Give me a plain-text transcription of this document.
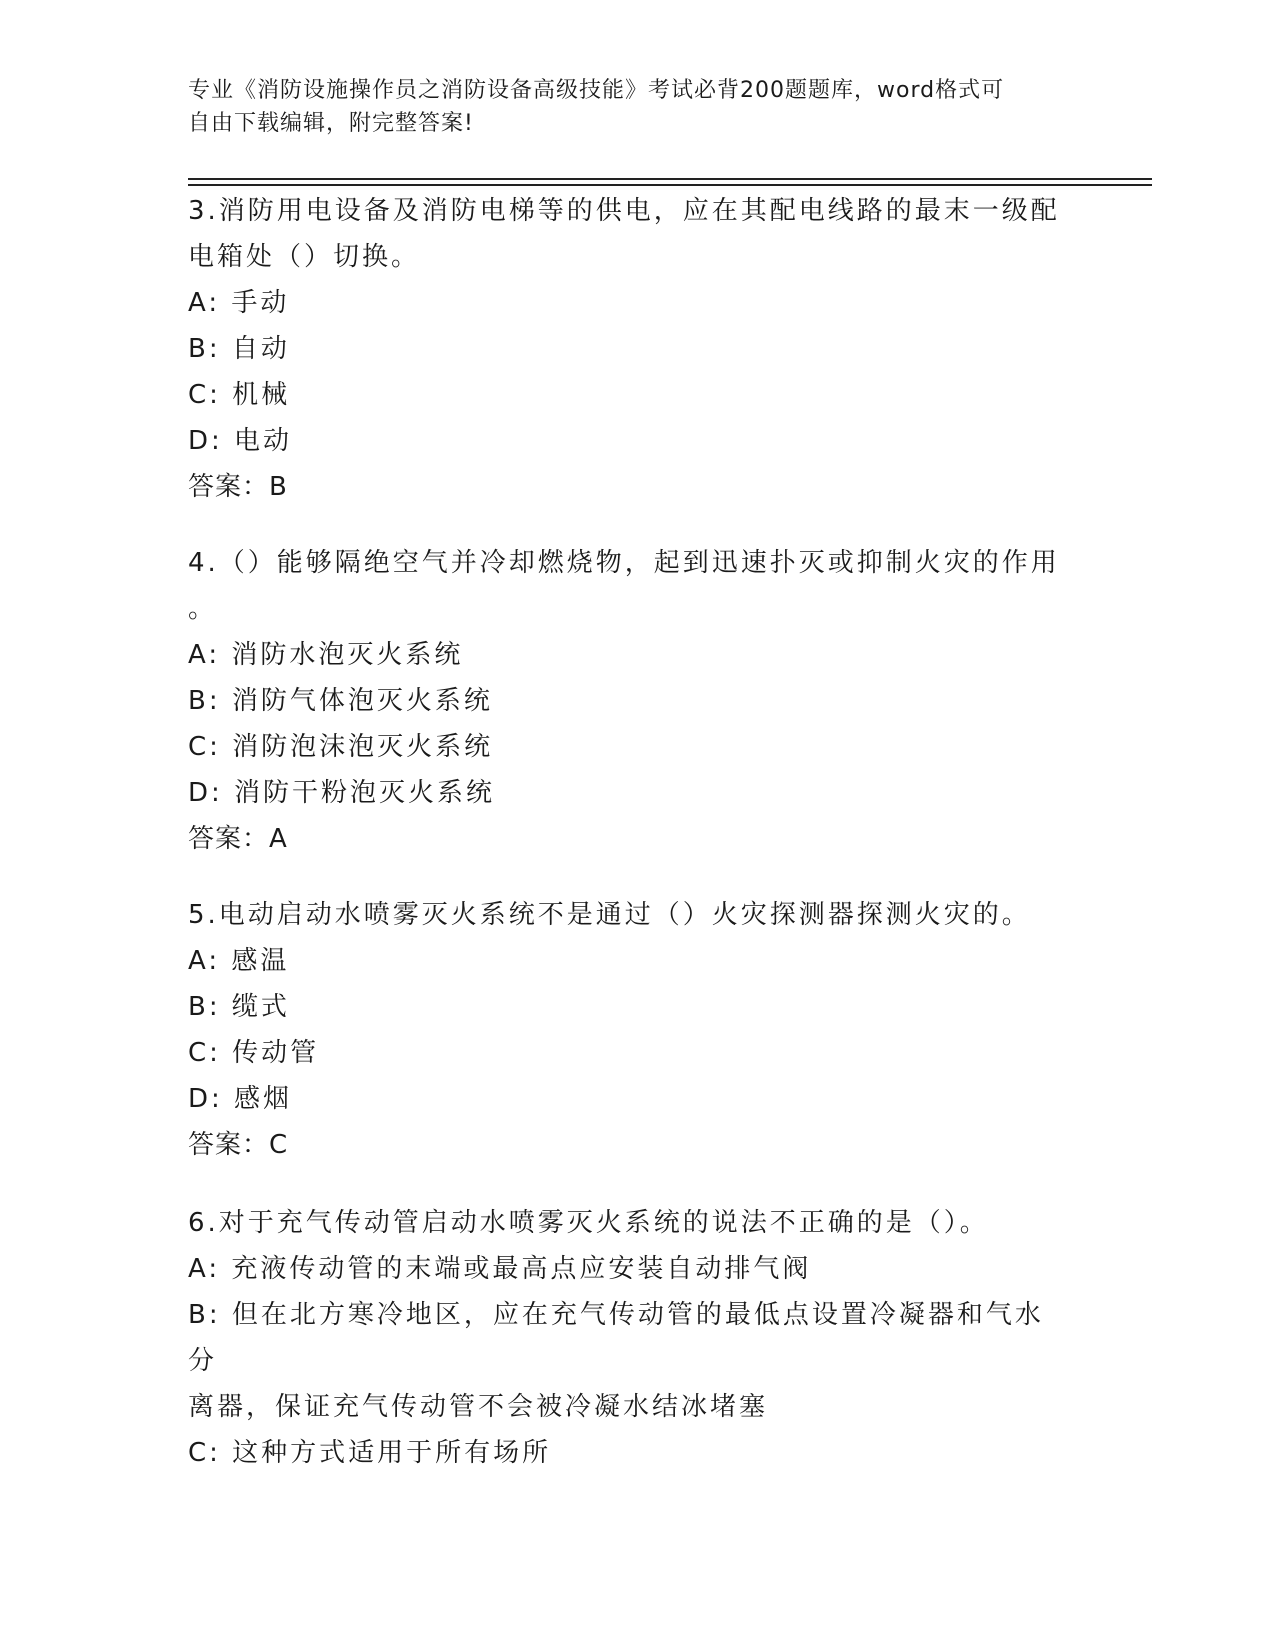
专业《消防设施操作员之消防设备高级技能》考试必背200题题库，word格式可
自由下载编辑，附完整答案!

3.消防用电设备及消防电梯等的供电，应在其配电线路的最末一级配

电箱处（）切换。

A: 手动

B: 自动

C: 机械

D: 电动

答案：B

4.（）能够隔绝空气并冷却燃烧物，起到迅速扑灭或抑制火灾的作用

。

A: 消防水泡灭火系统

B: 消防气体泡灭火系统

C: 消防泡沫泡灭火系统

D: 消防干粉泡灭火系统

答案：A

5.电动启动水喷雾灭火系统不是通过（）火灾探测器探测火灾的。

A: 感温

B: 缆式

C: 传动管

D: 感烟

答案：C

6.对于充气传动管启动水喷雾灭火系统的说法不正确的是（）。

A: 充液传动管的末端或最高点应安装自动排气阀

B: 但在北方寒冷地区，应在充气传动管的最低点设置冷凝器和气水分

离器，保证充气传动管不会被冷凝水结冰堵塞

C: 这种方式适用于所有场所
